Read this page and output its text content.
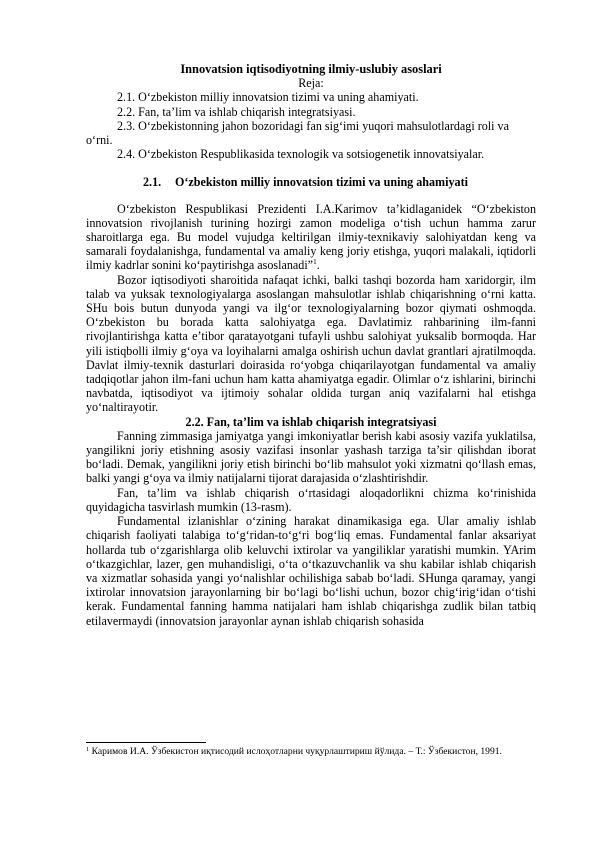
Innovatsion iqtisodiyotning ilmiy-uslubiy asoslari

Reja:

2.1. O‘zbekiston milliy innovatsion tizimi va uning ahamiyati.

2.2. Fan, ta’lim va ishlab chiqarish integratsiyasi.

2.3. O‘zbekistonning jahon bozoridagi fan sig‘imi yuqori mahsulotlardagi roli va o‘rni.

2.4. O‘zbekiston Respublikasida texnologik va sotsiogenetik innovatsiyalar.

2.1. O‘zbekiston milliy innovatsion tizimi va uning ahamiyati

O‘zbekiston Respublikasi Prezidenti I.A.Karimov ta’kidlaganidek “O‘zbekiston innovatsion rivojlanish turining hozirgi zamon modeliga o‘tish uchun hamma zarur sharoitlarga ega. Bu model vujudga keltirilgan ilmiy-texnikaviy salohiyatdan keng va samarali foydalanishga, fundamental va amaliy keng joriy etishga, yuqori malakali, iqtidorli ilmiy kadrlar sonini ko‘paytirishga asoslanadi”$^1$.

Bozor iqtisodiyoti sharoitida nafaqat ichki, balki tashqi bozorda ham xaridorgir, ilm talab va yuksak texnologiyalarga asoslangan mahsulotlar ishlab chiqarishning o‘rni katta. SHu bois butun dunyoda yangi va ilg‘or texnologiyalarning bozor qiymati oshmoqda. O‘zbekiston bu borada katta salohiyatga ega. Davlatimiz rahbarining ilm-fanni rivojlantirishga katta e’tibor qaratayotgani tufayli ushbu salohiyat yuksalib bormoqda. Har yili istiqbolli ilmiy g‘oya va loyihalarni amalga oshirish uchun davlat grantlari ajratilmoqda. Davlat ilmiy-texnik dasturlari doirasida ro‘yobga chiqarilayotgan fundamental va amaliy tadqiqotlar jahon ilm-fani uchun ham katta ahamiyatga egadir. Olimlar o‘z ishlarini, birinchi navbatda, iqtisodiyot va ijtimoiy sohalar oldida turgan aniq vazifalarni hal etishga yo‘naltirayotir.

2.2. Fan, ta’lim va ishlab chiqarish integratsiyasi

Fanning zimmasiga jamiyatga yangi imkoniyatlar berish kabi asosiy vazifa yuklatilsa, yangilikni joriy etishning asosiy vazifasi insonlar yashash tarziga ta’sir qilishdan iborat bo‘ladi. Demak, yangilikni joriy etish birinchi bo‘lib mahsulot yoki xizmatni qo‘llash emas, balki yangi g‘oya va ilmiy natijalarni tijorat darajasida o‘zlashtirishdir.

Fan, ta’lim va ishlab chiqarish o‘rtasidagi aloqadorlikni chizma ko‘rinishida quyidagicha tasvirlash mumkin (13-rasm).

Fundamental izlanishlar o‘zining harakat dinamikasiga ega. Ular amaliy ishlab chiqarish faoliyati talabiga to‘g‘ridan-to‘g‘ri bog‘liq emas. Fundamental fanlar aksariyat hollarda tub o‘zgarishlarga olib keluvchi ixtirolar va yangiliklar yaratishi mumkin. YArim o‘tkazgichlar, lazer, gen muhandisligi, o‘ta o‘tkazuvchanlik va shu kabilar ishlab chiqarish va xizmatlar sohasida yangi yo‘nalishlar ochilishiga sabab bo‘ladi. SHunga qaramay, yangi ixtirolar innovatsion jarayonlarning bir bo‘lagi bo‘lishi uchun, bozor chig‘irig‘idan o‘tishi kerak. Fundamental fanning hamma natijalari ham ishlab chiqarishga zudlik bilan tatbiq etilavermaydi (innovatsion jarayonlar aynan ishlab chiqarish sohasida

$^1$ Каримов И.А. Ўзбекистон иқтисодий ислоҳотларни чуқурлаштириш йўлида. – Т.: Ўзбекистон, 1991.
